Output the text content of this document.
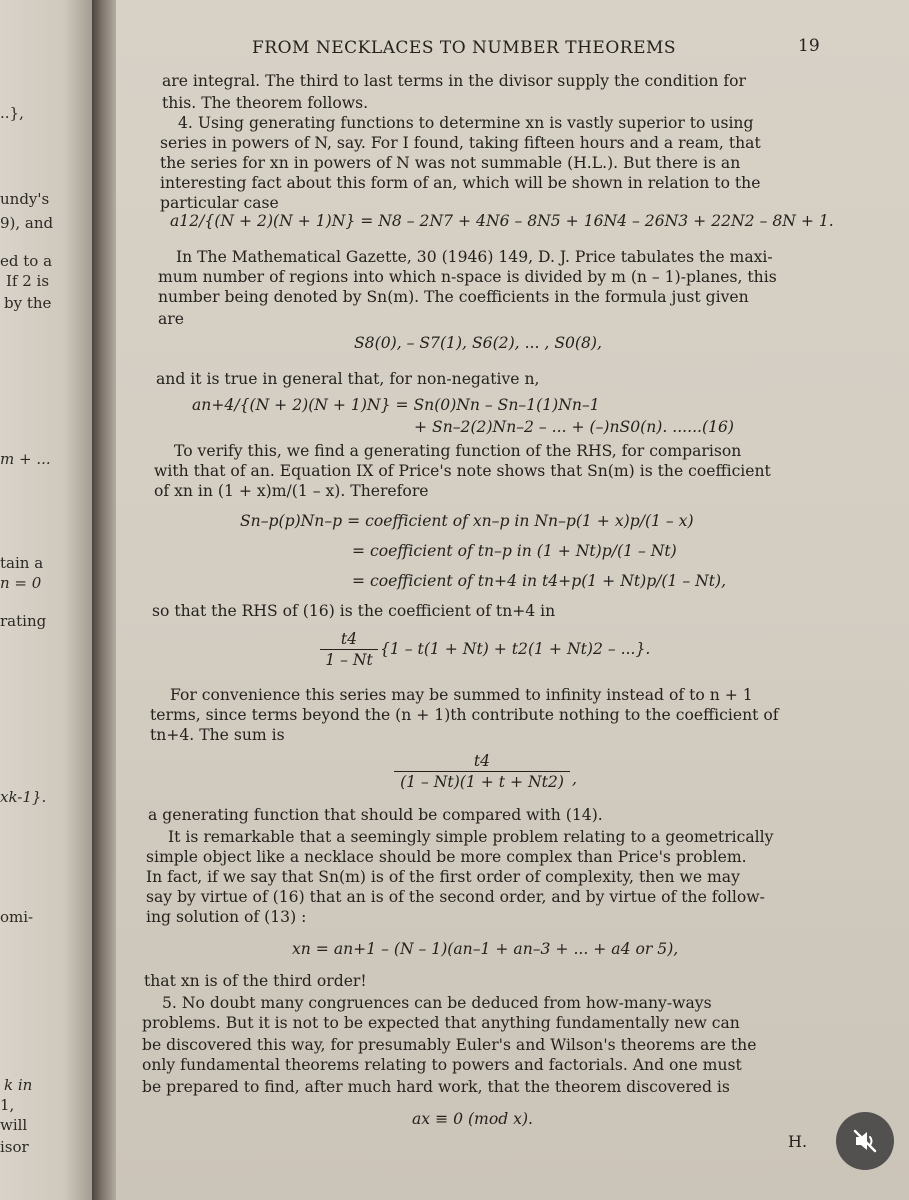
..},
undy's
9), and
ed to a
If 2 is
by the
m + ...
tain a
n = 0
rating
xk-1}.
omi-
k in
1,
will
isor
FROM NECKLACES TO NUMBER THEOREMS	19
are integral. The third to last terms in the divisor supply the condition for
this. The theorem follows.
4. Using generating functions to determine xn is vastly superior to using
series in powers of N, say. For I found, taking fifteen hours and a ream, that
the series for xn in powers of N was not summable (H.L.). But there is an
interesting fact about this form of an, which will be shown in relation to the
particular case
a12/{(N + 2)(N + 1)N} = N8 – 2N7 + 4N6 – 8N5 + 16N4 – 26N3 + 22N2 – 8N + 1.
In The Mathematical Gazette, 30 (1946) 149, D. J. Price tabulates the maxi-
mum number of regions into which n-space is divided by m (n – 1)-planes, this
number being denoted by Sn(m). The coefficients in the formula just given
are
S8(0), – S7(1), S6(2), ... , S0(8),
and it is true in general that, for non-negative n,
an+4/{(N + 2)(N + 1)N} = Sn(0)Nn – Sn–1(1)Nn–1
+ Sn–2(2)Nn–2 – ... + (–)nS0(n). ......(16)
To verify this, we find a generating function of the RHS, for comparison
with that of an. Equation IX of Price's note shows that Sn(m) is the coefficient
of xn in (1 + x)m/(1 – x). Therefore
Sn–p(p)Nn–p = coefficient of xn–p in Nn–p(1 + x)p/(1 – x)
= coefficient of tn–p in (1 + Nt)p/(1 – Nt)
= coefficient of tn+4 in t4+p(1 + Nt)p/(1 – Nt),
so that the RHS of (16) is the coefficient of tn+4 in
t4
1 – Nt
{1 – t(1 + Nt) + t2(1 + Nt)2 – ...}.
For convenience this series may be summed to infinity instead of to n + 1
terms, since terms beyond the (n + 1)th contribute nothing to the coefficient of
tn+4. The sum is
t4
(1 – Nt)(1 + t + Nt2) ,
a generating function that should be compared with (14).
It is remarkable that a seemingly simple problem relating to a geometrically
simple object like a necklace should be more complex than Price's problem.
In fact, if we say that Sn(m) is of the first order of complexity, then we may
say by virtue of (16) that an is of the second order, and by virtue of the follow-
ing solution of (13) :
xn = an+1 – (N – 1)(an–1 + an–3 + ... + a4 or 5),
that xn is of the third order!
5. No doubt many congruences can be deduced from how-many-ways
problems. But it is not to be expected that anything fundamentally new can
be discovered this way, for presumably Euler's and Wilson's theorems are the
only fundamental theorems relating to powers and factorials. And one must
be prepared to find, after much hard work, that the theorem discovered is
ax ≡ 0 (mod x).
H.
